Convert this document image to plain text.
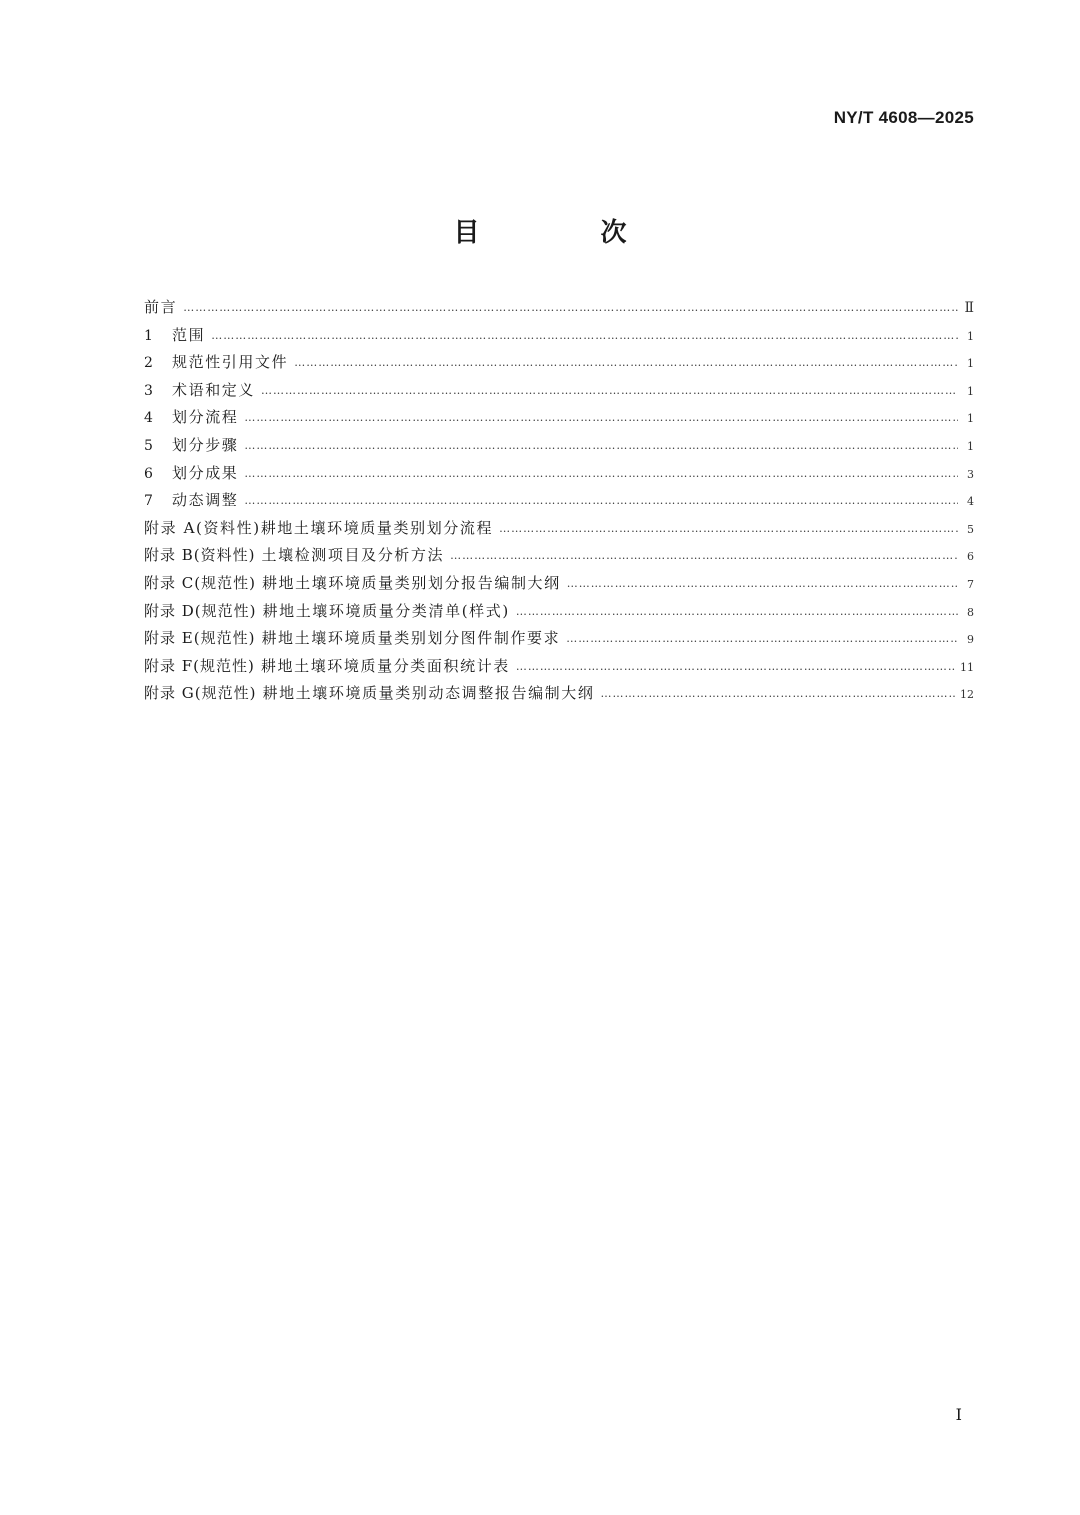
NY/T 4608—2025
目 次
前言 ……………………………………………………………………………………………………………………………………………………………………………………………………………………………………………………	Ⅱ
1	范围 ……………………………………………………………………………………………………………………………………………………………………………………………………………………………………………………	1
2	规范性引用文件 ……………………………………………………………………………………………………………………………………………………………………………………………………………………………………………………	1
3	术语和定义 ……………………………………………………………………………………………………………………………………………………………………………………………………………………………………………………	1
4	划分流程 ……………………………………………………………………………………………………………………………………………………………………………………………………………………………………………………	1
5	划分步骤 ……………………………………………………………………………………………………………………………………………………………………………………………………………………………………………………	1
6	划分成果 ……………………………………………………………………………………………………………………………………………………………………………………………………………………………………………………	3
7	动态调整 ……………………………………………………………………………………………………………………………………………………………………………………………………………………………………………………	4
附录 A(资料性)耕地土壤环境质量类别划分流程 ……………………………………………………………………………………………………………………………………………………………………………………………………………………………………………………	5
附录 B(资料性) 土壤检测项目及分析方法 ……………………………………………………………………………………………………………………………………………………………………………………………………………………………………………………	6
附录 C(规范性) 耕地土壤环境质量类别划分报告编制大纲 ……………………………………………………………………………………………………………………………………………………………………………………………………………………………………………………	7
附录 D(规范性) 耕地土壤环境质量分类清单(样式) ……………………………………………………………………………………………………………………………………………………………………………………………………………………………………………………	8
附录 E(规范性) 耕地土壤环境质量类别划分图件制作要求 ……………………………………………………………………………………………………………………………………………………………………………………………………………………………………………………	9
附录 F(规范性) 耕地土壤环境质量分类面积统计表 ……………………………………………………………………………………………………………………………………………………………………………………………………………………………………………………	11
附录 G(规范性) 耕地土壤环境质量类别动态调整报告编制大纲 ……………………………………………………………………………………………………………………………………………………………………………………………………………………………………………………	12
Ⅰ
